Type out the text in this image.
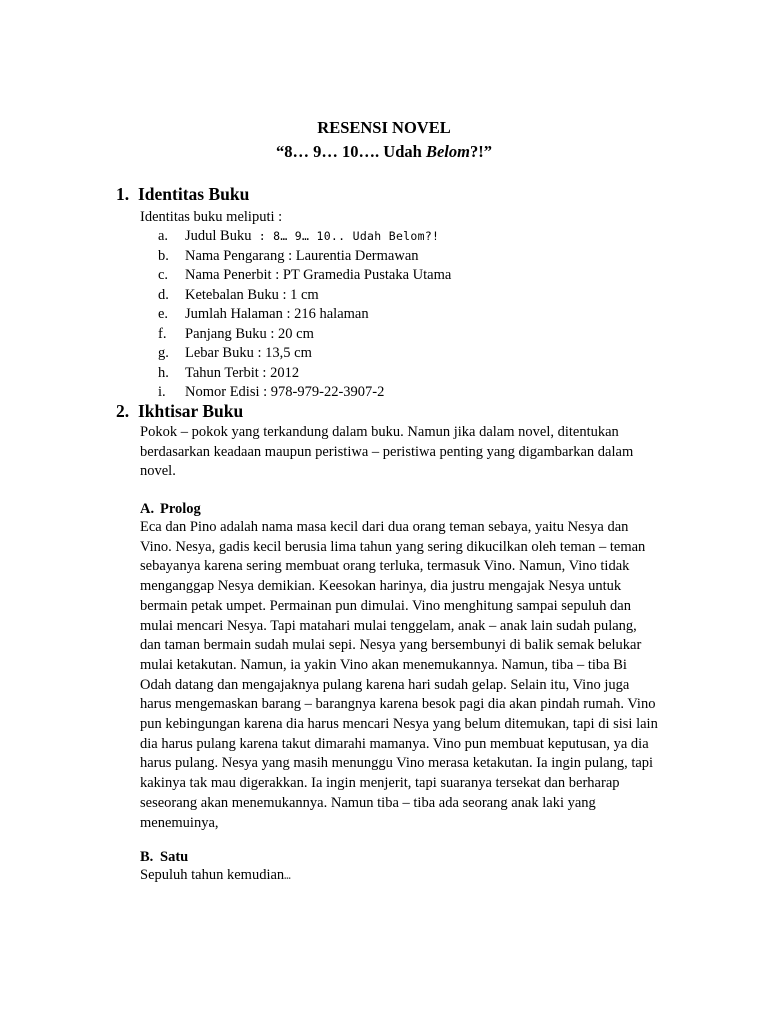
RESENSI NOVEL
“8… 9… 10…. Udah Belom?!”
1. Identitas Buku
Identitas buku meliputi :
a. Judul Buku : 8… 9… 10.. Udah Belom?!
b. Nama Pengarang : Laurentia Dermawan
c. Nama Penerbit : PT Gramedia Pustaka Utama
d. Ketebalan Buku : 1 cm
e. Jumlah Halaman : 216 halaman
f. Panjang Buku : 20 cm
g. Lebar Buku : 13,5 cm
h. Tahun Terbit : 2012
i. Nomor Edisi : 978-979-22-3907-2
2. Ikhtisar Buku
Pokok – pokok yang terkandung dalam buku. Namun jika dalam novel, ditentukan berdasarkan keadaan maupun peristiwa – peristiwa penting yang digambarkan dalam novel.
A. Prolog
Eca dan Pino adalah nama masa kecil dari dua orang teman sebaya, yaitu Nesya dan Vino. Nesya, gadis kecil berusia lima tahun yang sering dikucilkan oleh teman – teman sebayanya karena sering membuat orang terluka, termasuk Vino. Namun, Vino tidak menganggap Nesya demikian. Keesokan harinya, dia justru mengajak Nesya untuk bermain petak umpet. Permainan pun dimulai. Vino menghitung sampai sepuluh dan mulai mencari Nesya. Tapi matahari mulai tenggelam, anak – anak lain sudah pulang, dan taman bermain sudah mulai sepi. Nesya yang bersembunyi di balik semak belukar mulai ketakutan. Namun, ia yakin Vino akan menemukannya. Namun, tiba – tiba Bi Odah datang dan mengajaknya pulang karena hari sudah gelap. Selain itu, Vino juga harus mengemaskan barang – barangnya karena besok pagi dia akan pindah rumah. Vino pun kebingungan karena dia harus mencari Nesya yang belum ditemukan, tapi di sisi lain dia harus pulang karena takut dimarahi mamanya. Vino pun membuat keputusan, ya dia harus pulang. Nesya yang masih menunggu Vino merasa ketakutan. Ia ingin pulang, tapi kakinya tak mau digerakkan. Ia ingin menjerit, tapi suaranya tersekat dan berharap seseorang akan menemukannya. Namun tiba – tiba ada seorang anak laki yang menemuinya,
B. Satu
Sepuluh tahun kemudian…
